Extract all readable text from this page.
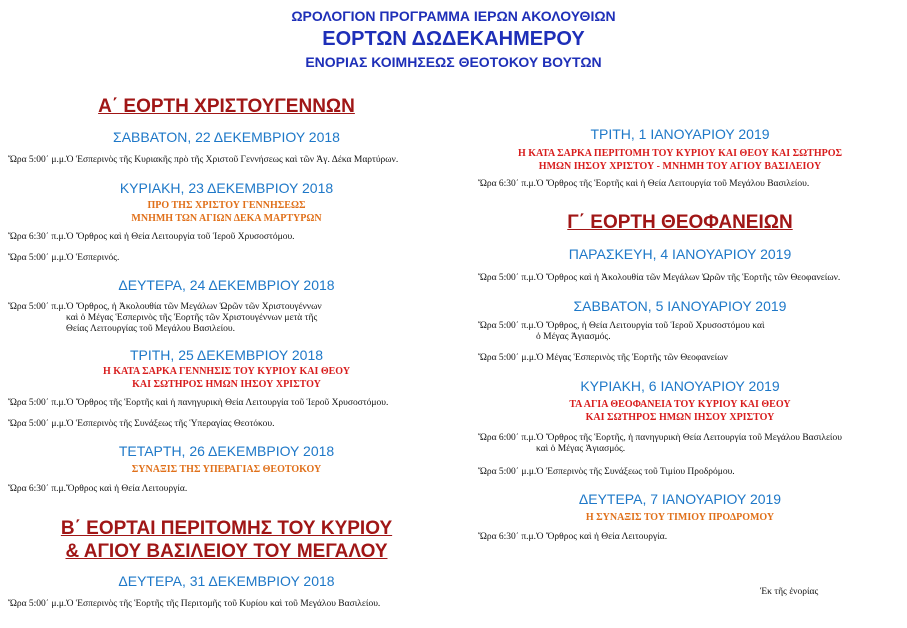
ΩΡΟΛΟΓΙΟΝ ΠΡΟΓΡΑΜΜΑ ΙΕΡΩΝ ΑΚΟΛΟΥΘΙΩΝ
ΕΟΡΤΩΝ ΔΩΔΕΚΑΗΜΕΡΟΥ
ΕΝΟΡΙΑΣ ΚΟΙΜΗΣΕΩΣ ΘΕΟΤΟΚΟΥ ΒΟΥΤΩΝ
Α΄ ΕΟΡΤΗ ΧΡΙΣΤΟΥΓΕΝΝΩΝ
ΣΑΒΒΑΤΟΝ, 22 ΔΕΚΕΜΒΡΙΟΥ 2018
Ὥρα 5:00΄ μ.μ.Ὁ Ἑσπερινὸς τῆς Κυριακῆς πρὸ τῆς Χριστοῦ Γεννήσεως καὶ τῶν Ἁγ. Δέκα Μαρτύρων.
ΚΥΡΙΑΚΗ, 23 ΔΕΚΕΜΒΡΙΟΥ 2018
ΠΡΟ ΤΗΣ ΧΡΙΣΤΟΥ ΓΕΝΝΗΣΕΩΣ
ΜΝΗΜΗ ΤΩΝ ΑΓΙΩΝ ΔΕΚΑ ΜΑΡΤΥΡΩΝ
Ὥρα 6:30΄ π.μ.Ὁ Ὄρθρος καὶ ἡ Θεία Λειτουργία τοῦ Ἱεροῦ Χρυσοστόμου.
Ὥρα 5:00΄ μ.μ.Ὁ Ἑσπερινός.
ΔΕΥΤΕΡΑ, 24 ΔΕΚΕΜΒΡΙΟΥ 2018
Ὥρα 5:00΄ π.μ.Ὁ Ὄρθρος, ἡ Ἀκολουθία τῶν Μεγάλων Ὡρῶν τῶν Χριστουγέννων
καὶ ὁ Μέγας Ἑσπερινὸς τῆς Ἑορτῆς τῶν Χριστουγέννων μετὰ τῆς
Θείας Λειτουργίας τοῦ Μεγάλου Βασιλείου.
ΤΡΙΤΗ, 25 ΔΕΚΕΜΒΡΙΟΥ 2018
Η ΚΑΤΑ ΣΑΡΚΑ ΓΕΝΝΗΣΙΣ ΤΟΥ ΚΥΡΙΟΥ ΚΑΙ ΘΕΟΥ
ΚΑΙ ΣΩΤΗΡΟΣ ΗΜΩΝ ΙΗΣΟΥ ΧΡΙΣΤΟΥ
Ὥρα 5:00΄ π.μ.Ὁ Ὄρθρος τῆς Ἑορτῆς καὶ ἡ πανηγυρικὴ Θεία Λειτουργία τοῦ Ἱεροῦ Χρυσοστόμου.
Ὥρα 5:00΄ μ.μ.Ὁ Ἑσπερινὸς τῆς Συνάξεως τῆς Ὑπεραγίας Θεοτόκου.
ΤΕΤΑΡΤΗ, 26 ΔΕΚΕΜΒΡΙΟΥ 2018
ΣΥΝΑΞΙΣ ΤΗΣ ΥΠΕΡΑΓΙΑΣ ΘΕΟΤΟΚΟΥ
Ὥρα 6:30΄ π.μ.Ὄρθρος καὶ ἡ Θεία Λειτουργία.
Β΄ ΕΟΡΤΑΙ ΠΕΡΙΤΟΜΗΣ ΤΟΥ ΚΥΡΙΟΥ
& ΑΓΙΟΥ ΒΑΣΙΛΕΙΟΥ ΤΟΥ ΜΕΓΑΛΟΥ
ΔΕΥΤΕΡΑ, 31 ΔΕΚΕΜΒΡΙΟΥ 2018
Ὥρα 5:00΄ μ.μ.Ὁ Ἑσπερινὸς τῆς Ἑορτῆς τῆς Περιτομῆς τοῦ Κυρίου καὶ τοῦ Μεγάλου Βασιλείου.
ΤΡΙΤΗ, 1 ΙΑΝΟΥΑΡΙΟΥ 2019
Η ΚΑΤΑ ΣΑΡΚΑ ΠΕΡΙΤΟΜΗ ΤΟΥ ΚΥΡΙΟΥ ΚΑΙ ΘΕΟΥ ΚΑΙ ΣΩΤΗΡΟΣ
ΗΜΩΝ ΙΗΣΟΥ ΧΡΙΣΤΟΥ - ΜΝΗΜΗ ΤΟΥ ΑΓΙΟΥ ΒΑΣΙΛΕΙΟΥ
Ὥρα 6:30΄ π.μ.Ὁ Ὄρθρος τῆς Ἑορτῆς καὶ ἡ Θεία Λειτουργία τοῦ Μεγάλου Βασιλείου.
Γ΄ ΕΟΡΤΗ ΘΕΟΦΑΝΕΙΩΝ
ΠΑΡΑΣΚΕΥΗ, 4 ΙΑΝΟΥΑΡΙΟΥ 2019
Ὥρα 5:00΄ π.μ.Ὁ Ὄρθρος καὶ ἡ Ἀκολουθία τῶν Μεγάλων Ὡρῶν τῆς Ἑορτῆς τῶν Θεοφανείων.
ΣΑΒΒΑΤΟΝ, 5 ΙΑΝΟΥΑΡΙΟΥ 2019
Ὥρα 5:00΄ π.μ.Ὁ Ὄρθρος, ἡ Θεία Λειτουργία τοῦ Ἱεροῦ Χρυσοστόμου καὶ
ὁ Μέγας Ἁγιασμός.
Ὥρα 5:00΄ μ.μ.Ὁ Μέγας Ἑσπερινὸς τῆς Ἑορτῆς τῶν Θεοφανείων
ΚΥΡΙΑΚΗ, 6 ΙΑΝΟΥΑΡΙΟΥ 2019
ΤΑ ΑΓΙΑ ΘΕΟΦΑΝΕΙΑ ΤΟΥ ΚΥΡΙΟΥ ΚΑΙ ΘΕΟΥ
ΚΑΙ ΣΩΤΗΡΟΣ ΗΜΩΝ ΙΗΣΟΥ ΧΡΙΣΤΟΥ
Ὥρα 6:00΄ π.μ.Ὁ Ὄρθρος τῆς Ἑορτῆς, ἡ πανηγυρικὴ Θεία Λειτουργία τοῦ Μεγάλου Βασιλείου
καὶ ὁ Μέγας Ἁγιασμός.
Ὥρα 5:00΄ μ.μ.Ὁ Ἑσπερινὸς τῆς Συνάξεως τοῦ Τιμίου Προδρόμου.
ΔΕΥΤΕΡΑ, 7 ΙΑΝΟΥΑΡΙΟΥ 2019
Η ΣΥΝΑΞΙΣ ΤΟΥ ΤΙΜΙΟΥ ΠΡΟΔΡΟΜΟΥ
Ὥρα 6:30΄ π.μ.Ὁ Ὄρθρος καὶ ἡ Θεία Λειτουργία.
Ἐκ τῆς ἐνορίας
